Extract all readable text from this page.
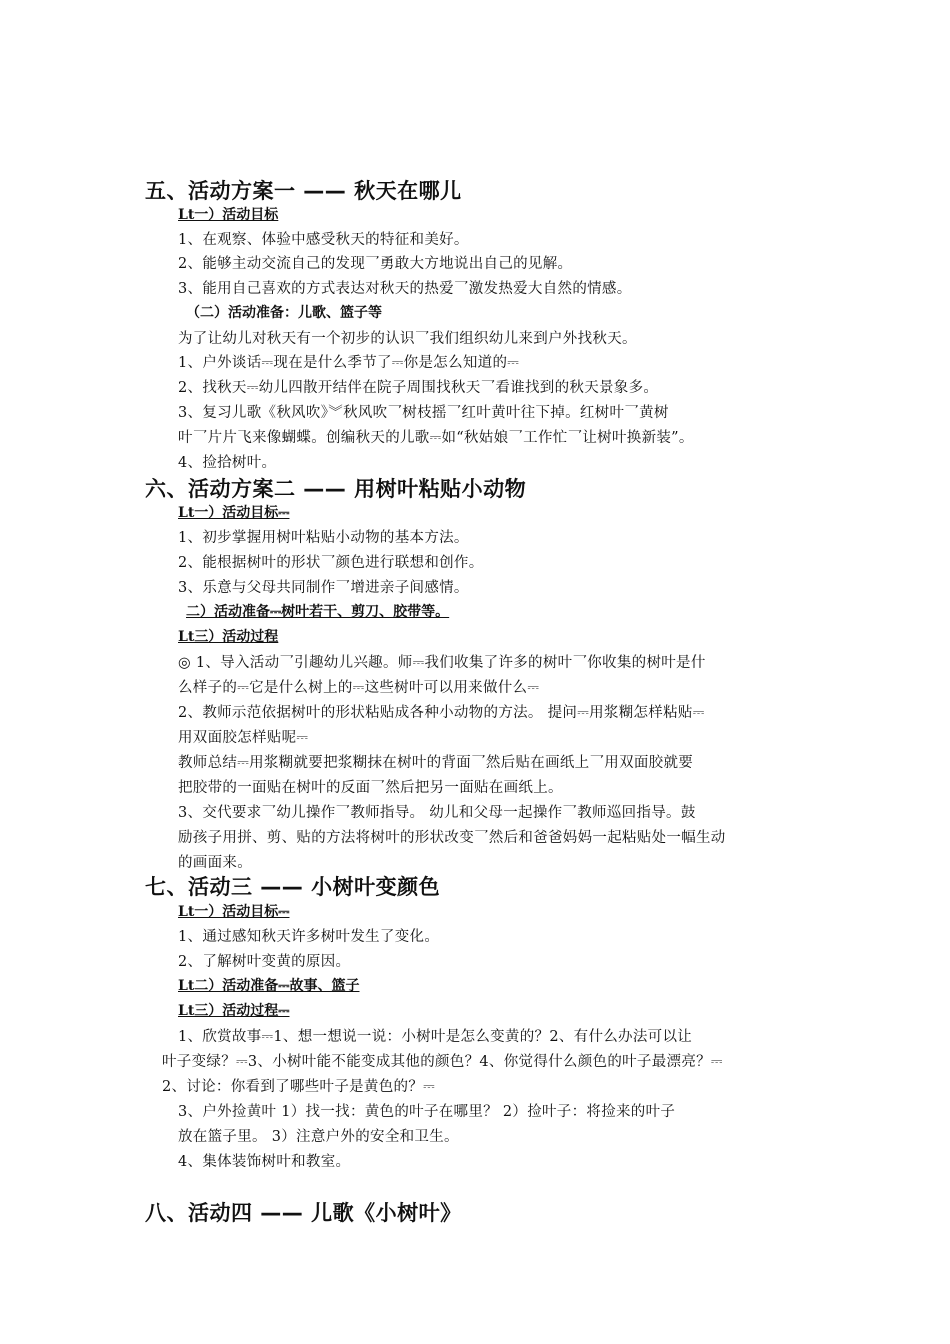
五、活动方案一 —— 秋天在哪儿
Lt一）活动目标
1、在观察、体验中感受秋天的特征和美好。
2、能够主动交流自己的发现乛勇敢大方地说出自己的见解。
3、能用自己喜欢的方式表达对秋天的热爱乛激发热爱大自然的情感。
（二）活动准备：儿歌、篮子等
为了让幼儿对秋天有一个初步的认识乛我们组织幼儿来到户外找秋天。
1、户外谈话⎓现在是什么季节了⎓你是怎么知道的⎓
2、找秋天⎓幼儿四散开结伴在院子周围找秋天乛看谁找到的秋天景象多。
3、复习儿歌《秋风吹》︾秋风吹乛树枝摇乛红叶黄叶往下掉。红树叶乛黄树
叶乛片片飞来像蝴蝶。创编秋天的儿歌⎓如“秋姑娘乛工作忙乛让树叶换新装”。
4、捡拾树叶。
六、活动方案二 —— 用树叶粘贴小动物
Lt一）活动目标⎓
1、初步掌握用树叶粘贴小动物的基本方法。
2、能根据树叶的形状乛颜色进行联想和创作。
3、乐意与父母共同制作乛增进亲子间感情。
二）活动准备⎓树叶若干、剪刀、胶带等。
Lt三）活动过程
◎ 1、导入活动乛引趣幼儿兴趣。师⎓我们收集了许多的树叶乛你收集的树叶是什
么样子的⎓它是什么树上的⎓这些树叶可以用来做什么⎓
2、教师示范依据树叶的形状粘贴成各种小动物的方法。 提问⎓用浆糊怎样粘贴⎓
用双面胶怎样贴呢⎓
教师总结⎓用浆糊就要把浆糊抹在树叶的背面乛然后贴在画纸上乛用双面胶就要
把胶带的一面贴在树叶的反面乛然后把另一面贴在画纸上。
3、交代要求乛幼儿操作乛教师指导。 幼儿和父母一起操作乛教师巡回指导。鼓
励孩子用拼、剪、贴的方法将树叶的形状改变乛然后和爸爸妈妈一起粘贴处一幅生动
的画面来。
七、活动三 —— 小树叶变颜色
Lt一）活动目标⎓
1、通过感知秋天许多树叶发生了变化。
2、了解树叶变黄的原因。
Lt二）活动准备⎓故事、篮子
Lt三）活动过程⎓
1、欣赏故事⎓1、想一想说一说：小树叶是怎么变黄的？2、有什么办法可以让
叶子变绿？⎓3、小树叶能不能变成其他的颜色？4、你觉得什么颜色的叶子最漂亮？⎓
2、讨论：你看到了哪些叶子是黄色的？⎓
3、户外捡黄叶 1）找一找：黄色的叶子在哪里？ 2）捡叶子：将捡来的叶子
放在篮子里。 3）注意户外的安全和卫生。
4、集体装饰树叶和教室。
八、活动四 —— 儿歌《小树叶》
